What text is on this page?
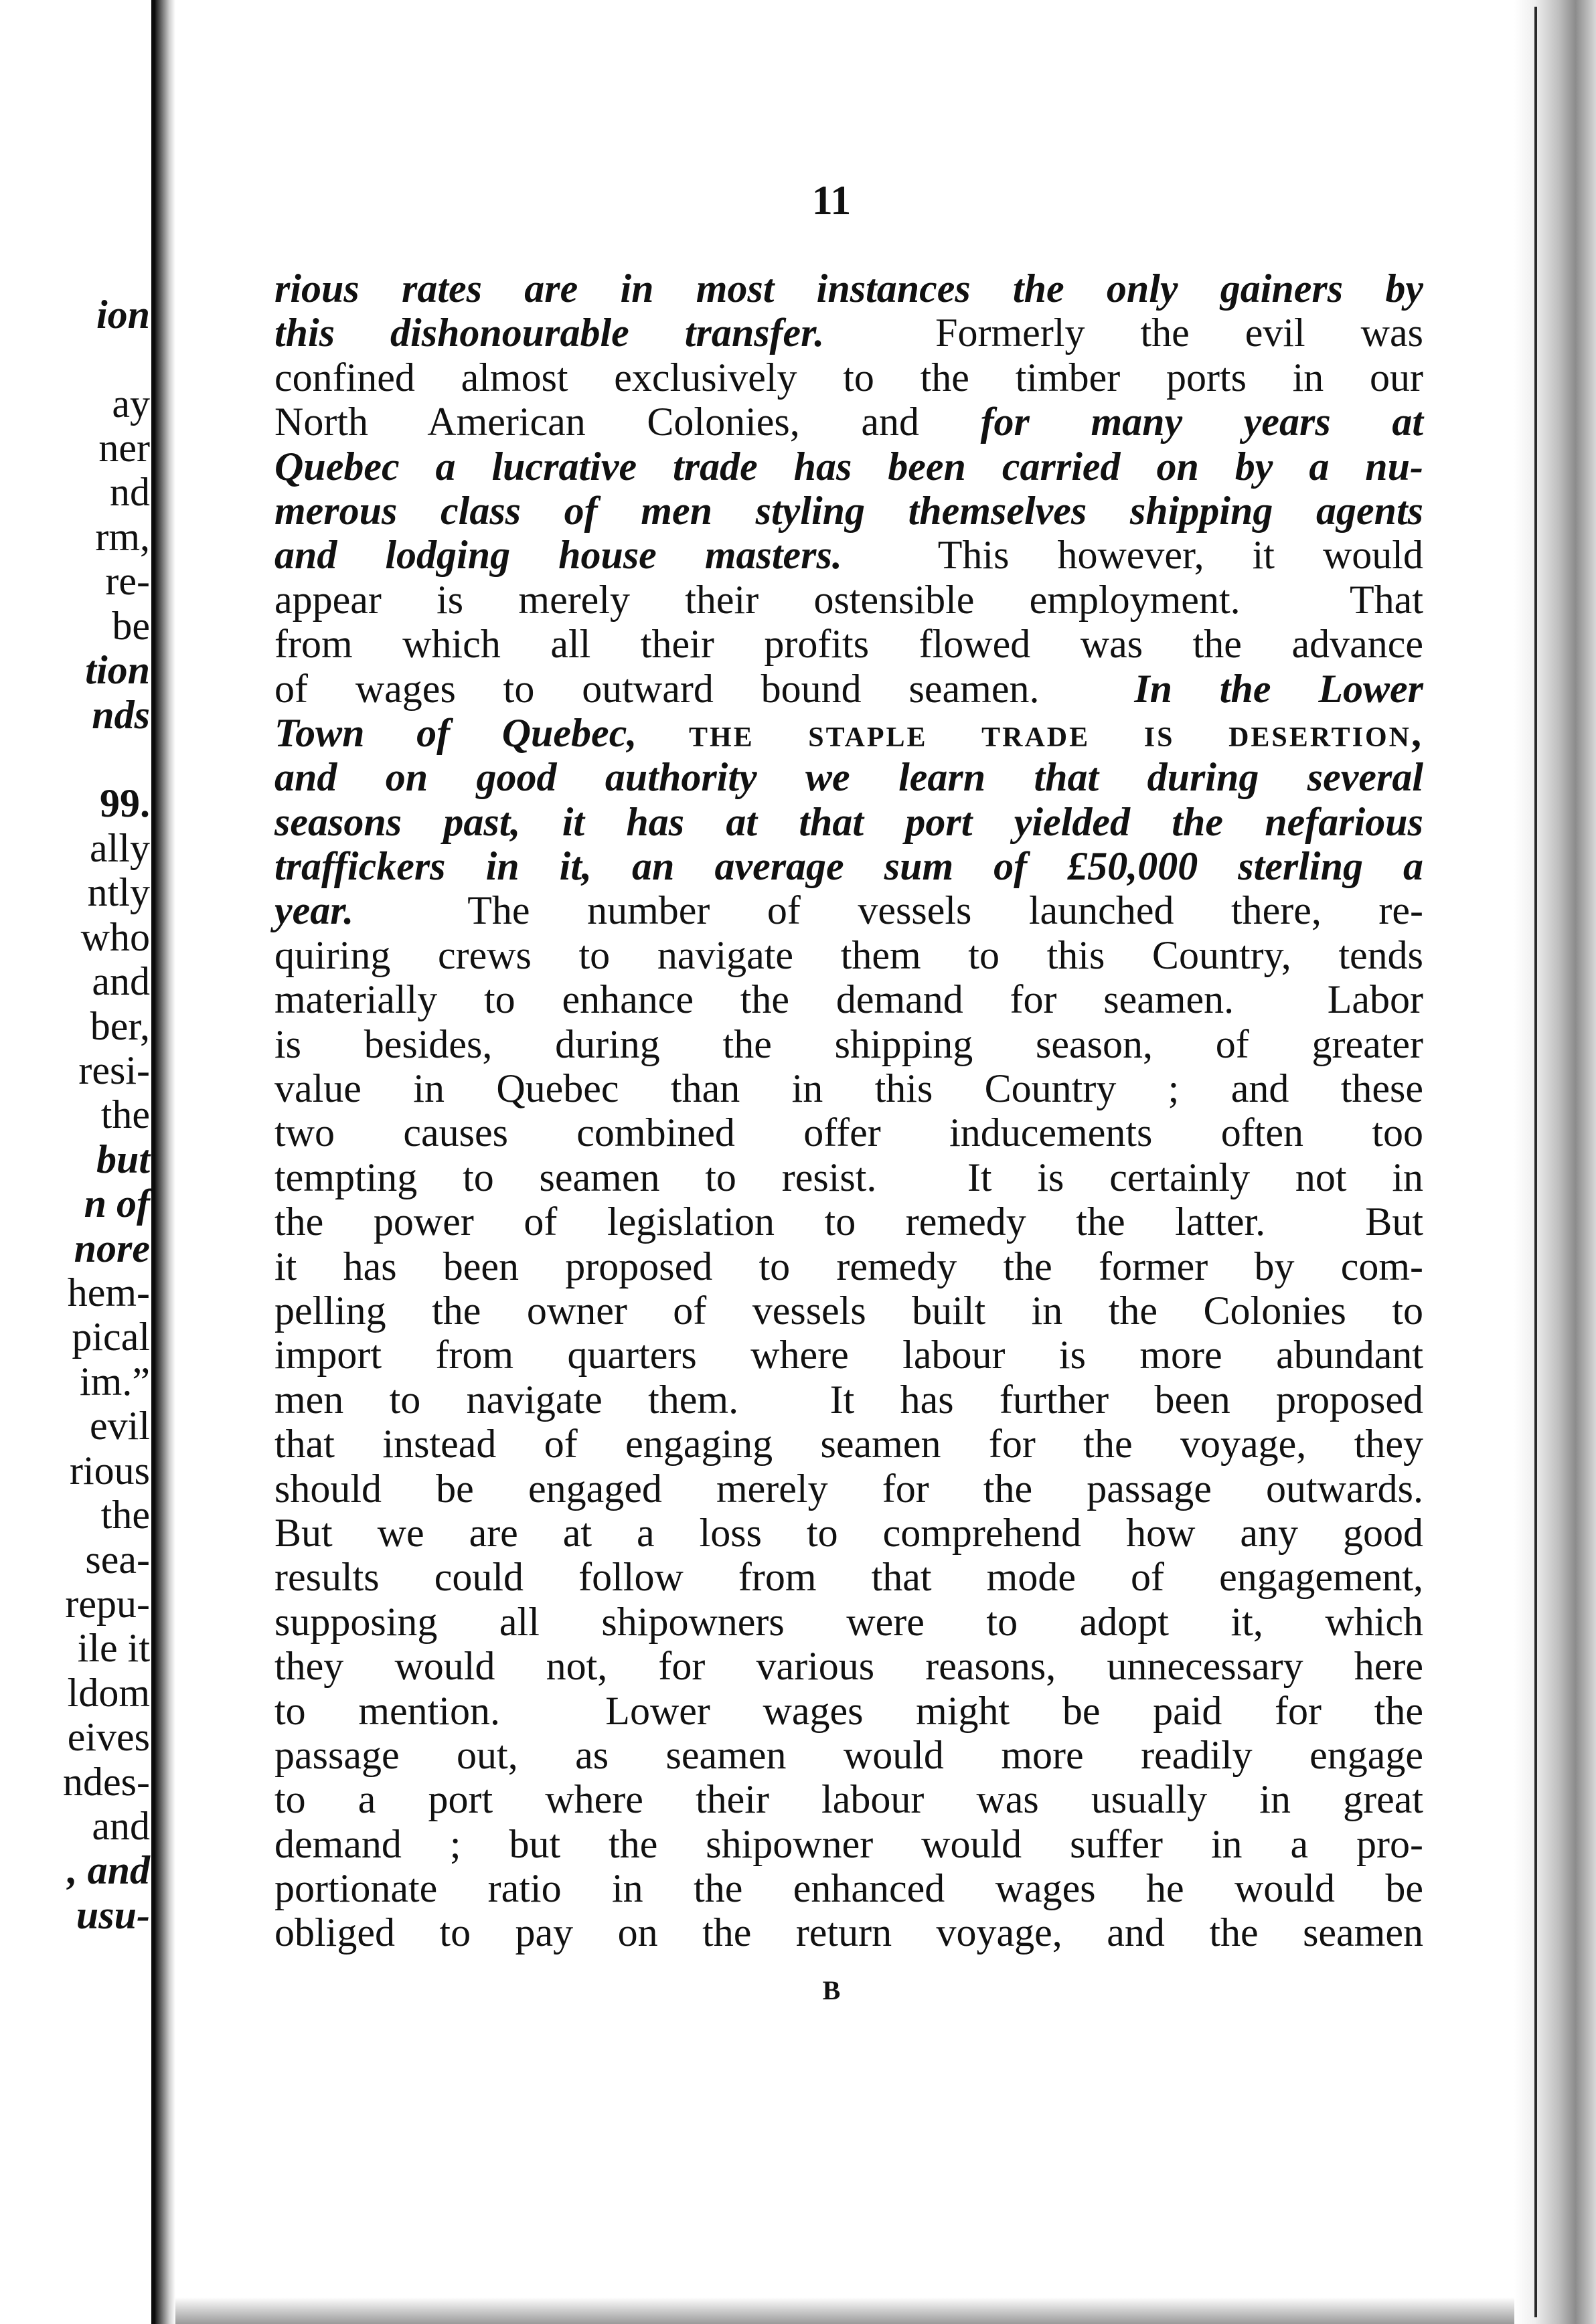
ion
ay
ner
nd
rm,
re-
be
tion
nds
99.
ally
ntly
who
and
ber,
resi-
the
but
n of
nore
hem-
pical
im.”
evil
rious
the
sea-
repu-
ile it
ldom
eives
ndes-
and
, and
usu-
11
rious rates are in most instances the only gainers by
this dishonourable transfer.  Formerly the evil was
confined almost exclusively to the timber ports in our
North American Colonies, and for many years at
Quebec a lucrative trade has been carried on by a nu-
merous class of men styling themselves shipping agents
and lodging house masters.  This however, it would
appear is merely their ostensible employment.  That
from which all their profits flowed was the advance
of wages to outward bound seamen.  In the Lower
Town of Quebec, the staple trade is desertion,
and on good authority we learn that during several
seasons past, it has at that port yielded the nefarious
traffickers in it, an average sum of £50,000 sterling a
year.  The number of vessels launched there, re-
quiring crews to navigate them to this Country, tends
materially to enhance the demand for seamen.  Labor
is besides, during the shipping season, of greater
value in Quebec than in this Country ; and these
two causes combined offer inducements often too
tempting to seamen to resist.  It is certainly not in
the power of legislation to remedy the latter.  But
it has been proposed to remedy the former by com-
pelling the owner of vessels built in the Colonies to
import from quarters where labour is more abundant
men to navigate them.  It has further been proposed
that instead of engaging seamen for the voyage, they
should be engaged merely for the passage outwards.
But we are at a loss to comprehend how any good
results could follow from that mode of engagement,
supposing all shipowners were to adopt it, which
they would not, for various reasons, unnecessary here
to mention.  Lower wages might be paid for the
passage out, as seamen would more readily engage
to a port where their labour was usually in great
demand ; but the shipowner would suffer in a pro-
portionate ratio in the enhanced wages he would be
obliged to pay on the return voyage, and the seamen
B
